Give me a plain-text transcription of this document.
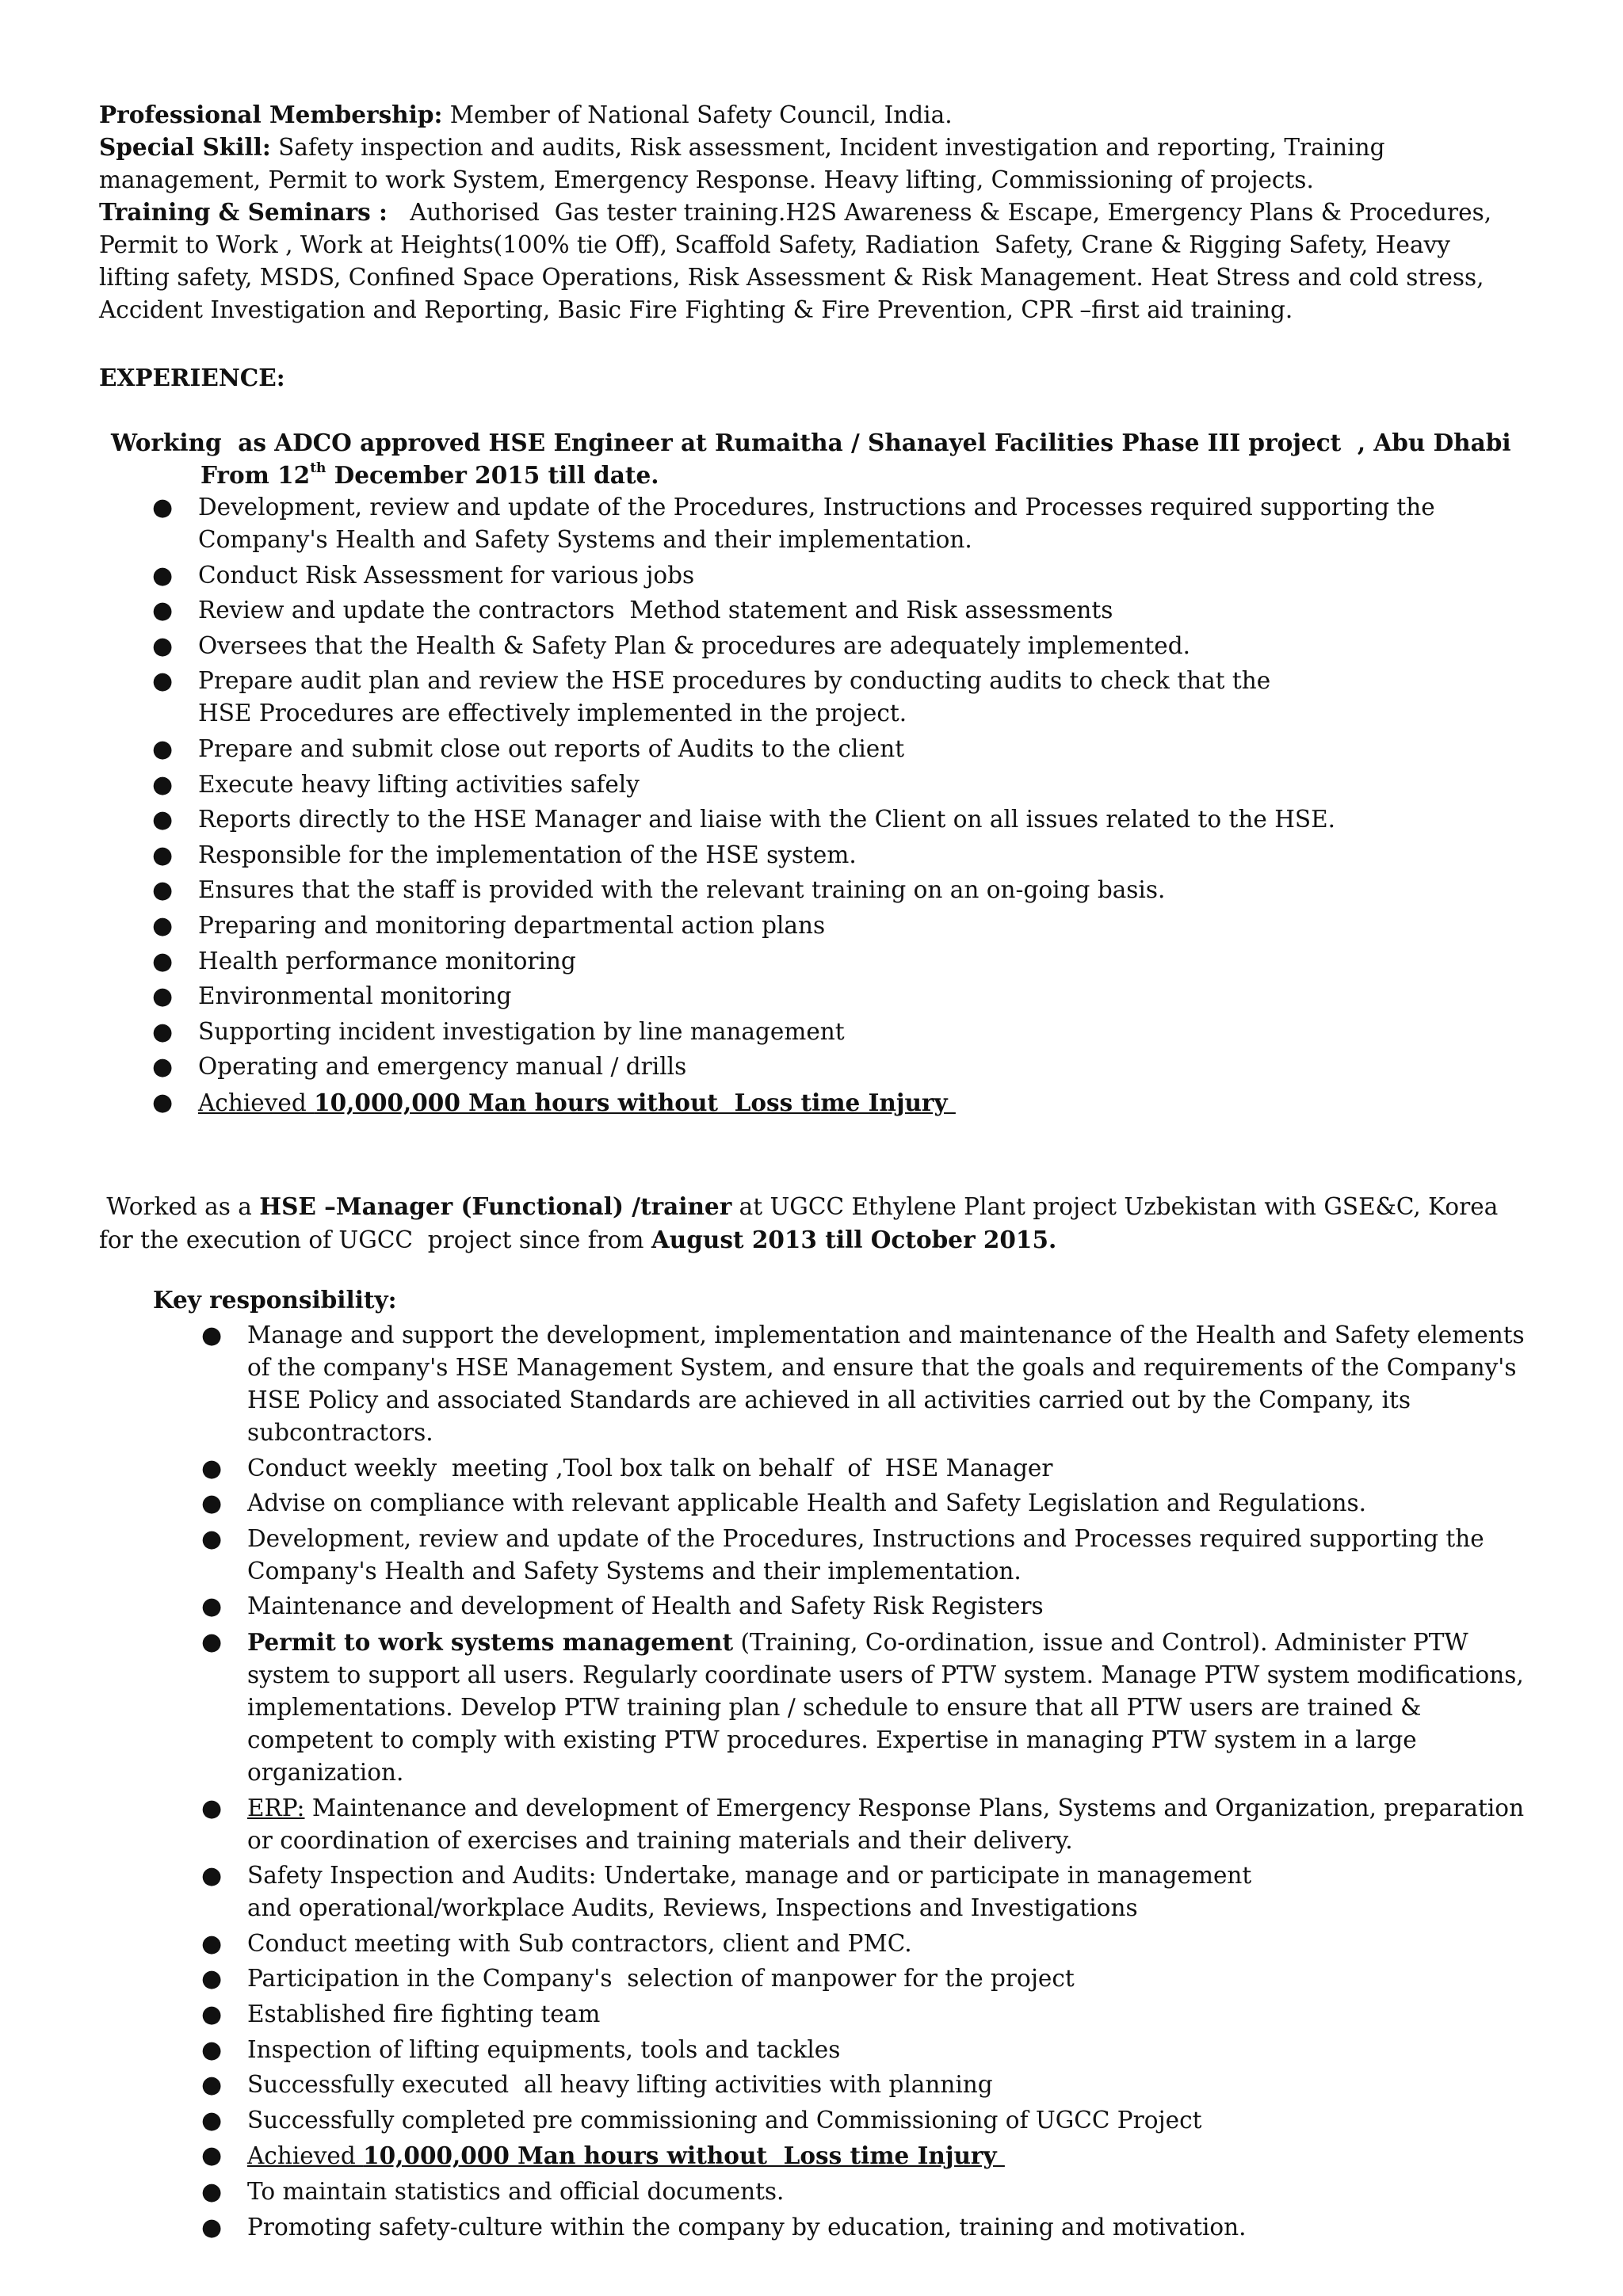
Professional Membership: Member of National Safety Council, India.

Special Skill: Safety inspection and audits, Risk assessment, Incident investigation and reporting, Training management, Permit to work System, Emergency Response. Heavy lifting, Commissioning of projects.

Training & Seminars :   Authorised  Gas tester training.H2S Awareness & Escape, Emergency Plans & Procedures, Permit to Work , Work at Heights(100% tie Off), Scaffold Safety, Radiation  Safety, Crane & Rigging Safety, Heavy lifting safety, MSDS, Confined Space Operations, Risk Assessment & Risk Management. Heat Stress and cold stress, Accident Investigation and Reporting, Basic Fire Fighting & Fire Prevention, CPR –first aid training.

EXPERIENCE:

Working  as ADCO approved HSE Engineer at Rumaitha / Shanayel Facilities Phase III project  , Abu Dhabi

From 12th December 2015 till date.

● Development, review and update of the Procedures, Instructions and Processes required supporting the Company's Health and Safety Systems and their implementation.
● Conduct Risk Assessment for various jobs
● Review and update the contractors  Method statement and Risk assessments
● Oversees that the Health & Safety Plan & procedures are adequately implemented.
● Prepare audit plan and review the HSE procedures by conducting audits to check that the HSE Procedures are effectively implemented in the project.
● Prepare and submit close out reports of Audits to the client
● Execute heavy lifting activities safely
● Reports directly to the HSE Manager and liaise with the Client on all issues related to the HSE.
● Responsible for the implementation of the HSE system.
● Ensures that the staff is provided with the relevant training on an on-going basis.
● Preparing and monitoring departmental action plans
● Health performance monitoring
● Environmental monitoring
● Supporting incident investigation by line management
● Operating and emergency manual / drills
● Achieved 10,000,000 Man hours without  Loss time Injury

Worked as a HSE –Manager (Functional) /trainer at UGCC Ethylene Plant project Uzbekistan with GSE&C, Korea for the execution of UGCC  project since from August 2013 till October 2015.

Key responsibility:

● Manage and support the development, implementation and maintenance of the Health and Safety elements of the company's HSE Management System, and ensure that the goals and requirements of the Company's HSE Policy and associated Standards are achieved in all activities carried out by the Company, its subcontractors.
● Conduct weekly  meeting ,Tool box talk on behalf  of  HSE Manager
● Advise on compliance with relevant applicable Health and Safety Legislation and Regulations.
● Development, review and update of the Procedures, Instructions and Processes required supporting the Company's Health and Safety Systems and their implementation.
● Maintenance and development of Health and Safety Risk Registers
● Permit to work systems management (Training, Co-ordination, issue and Control). Administer PTW system to support all users. Regularly coordinate users of PTW system. Manage PTW system modifications, implementations. Develop PTW training plan / schedule to ensure that all PTW users are trained & competent to comply with existing PTW procedures. Expertise in managing PTW system in a large organization.
● ERP: Maintenance and development of Emergency Response Plans, Systems and Organization, preparation or coordination of exercises and training materials and their delivery.
● Safety Inspection and Audits: Undertake, manage and or participate in management and operational/workplace Audits, Reviews, Inspections and Investigations
● Conduct meeting with Sub contractors, client and PMC.
● Participation in the Company's  selection of manpower for the project
● Established fire fighting team
● Inspection of lifting equipments, tools and tackles
● Successfully executed  all heavy lifting activities with planning
● Successfully completed pre commissioning and Commissioning of UGCC Project
● Achieved 10,000,000 Man hours without  Loss time Injury
● To maintain statistics and official documents.
● Promoting safety-culture within the company by education, training and motivation.
